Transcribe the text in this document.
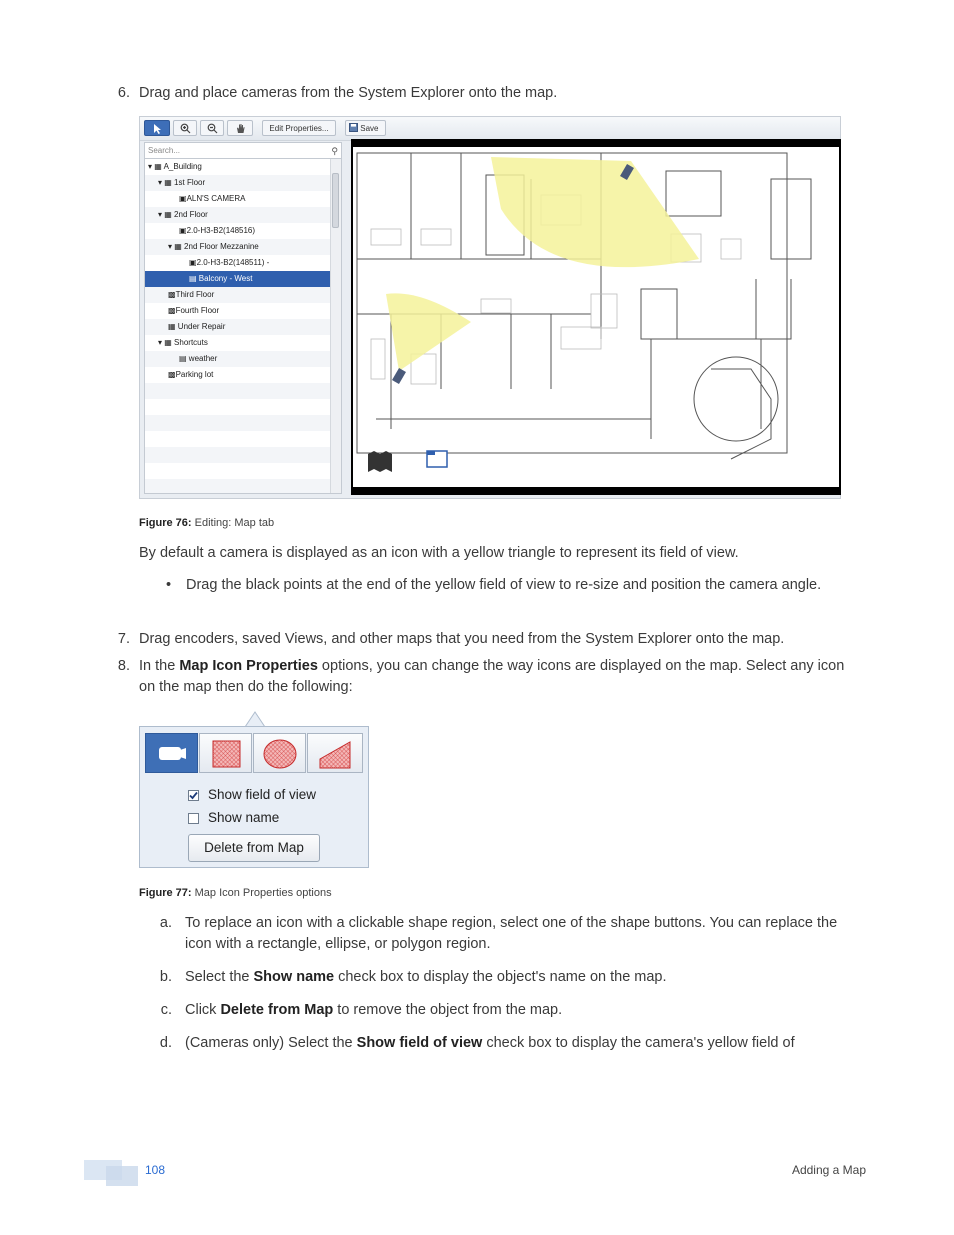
6. Drag and place cameras from the System Explorer onto the map.
Edit Properties...	Save
Search...	⚲
▾ ▦ A_Building
▾ ▦ 1st Floor
▣ALN'S CAMERA
▾ ▦ 2nd Floor
▣2.0-H3-B2(148516)
▾ ▦ 2nd Floor Mezzanine
▣2.0-H3-B2(148511) -
▤ Balcony - West
▩Third Floor
▩Fourth Floor
▦ Under Repair
▾ ▦ Shortcuts
▤ weather
▩Parking lot
Figure 76: Editing: Map tab
By default a camera is displayed as an icon with a yellow triangle to represent its field of view.
• Drag the black points at the end of the yellow field of view to re-size and position the camera angle.
7. Drag encoders, saved Views, and other maps that you need from the System Explorer onto the map.
8. In the Map Icon Properties options, you can change the way icons are displayed on the map. Select any icon on the map then do the following:
Show field of view
Show name
Delete from Map
Figure 77: Map Icon Properties options
a. To replace an icon with a clickable shape region, select one of the shape buttons. You can replace the icon with a rectangle, ellipse, or polygon region.
b. Select the Show name check box to display the object's name on the map.
c. Click Delete from Map to remove the object from the map.
d. (Cameras only) Select the Show field of view check box to display the camera's yellow field of
108	Adding a Map
